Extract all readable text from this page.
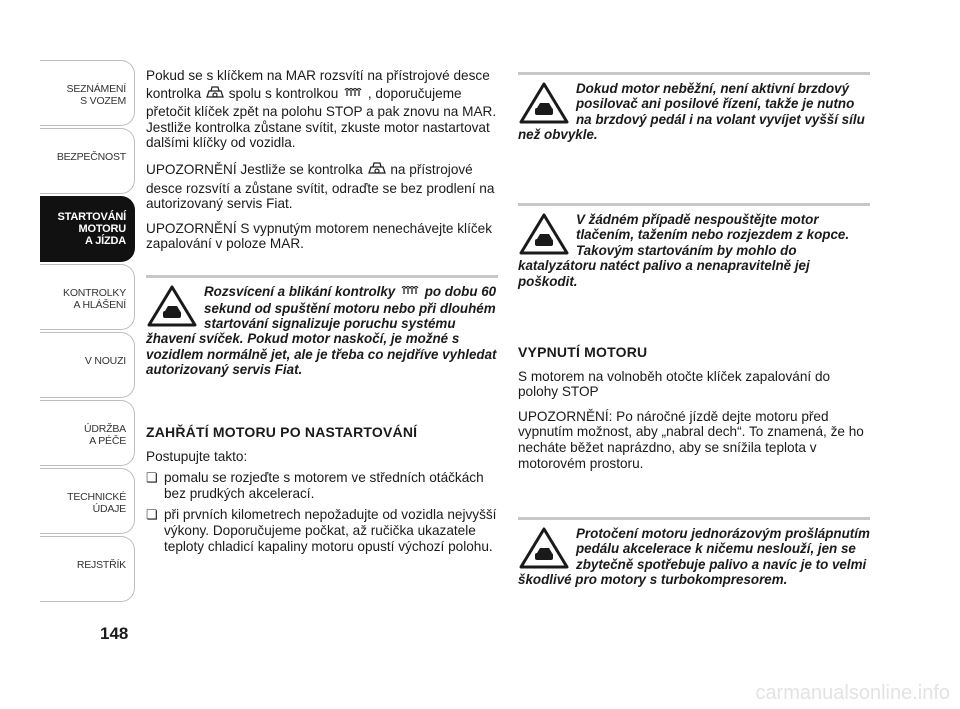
SEZNÁMENÍ
S VOZEM
BEZPEČNOST
STARTOVÁNÍ
MOTORU
A JÍZDA
KONTROLKY
A HLÁŠENÍ
V NOUZI
ÚDRŽBA
A PÉČE
TECHNICKÉ
ÚDAJE
REJSTŘÍK
148

Pokud se s klíčkem na MAR rozsvítí na přístrojové desce kontrolka spolu s kontrolkou , doporučujeme přetočit klíček zpět na polohu STOP a pak znovu na MAR. Jestliže kontrolka zůstane svítit, zkuste motor nastartovat dalšími klíčky od vozidla.

UPOZORNĚNÍ Jestliže se kontrolka na přístrojové desce rozsvítí a zůstane svítit, odraďte se bez prodlení na autorizovaný servis Fiat.

UPOZORNĚNÍ S vypnutým motorem nenechávejte klíček zapalování v poloze MAR.

Rozsvícení a blikání kontrolky po dobu 60 sekund od spuštění motoru nebo při dlouhém startování signalizuje poruchu systému žhavení svíček. Pokud motor naskočí, je možné s vozidlem normálně jet, ale je třeba co nejdříve vyhledat autorizovaný servis Fiat.
ZAHŘÁTÍ MOTORU PO NASTARTOVÁNÍ

Postupujte takto:

❏ pomalu se rozjeďte s motorem ve středních otáčkách bez prudkých akcelerací.
❏ při prvních kilometrech nepožadujte od vozidla nejvyšší výkony. Doporučujeme počkat, až ručička ukazatele teploty chladicí kapaliny motoru opustí výchozí polohu.
Dokud motor neběžní, není aktivní brzdový posilovač ani posilové řízení, takže je nutno na brzdový pedál i na volant vyvíjet vyšší sílu než obvykle.
V žádném případě nespouštějte motor tlačením, tažením nebo rozjezdem z kopce. Takovým startováním by mohlo do katalyzátoru natéct palivo a nenapravitelně jej poškodit.
VYPNUTÍ MOTORU

S motorem na volnoběh otočte klíček zapalování do polohy STOP

UPOZORNĚNÍ: Po náročné jízdě dejte motoru před vypnutím možnost, aby „nabral dech“. To znamená, že ho necháte běžet naprázdno, aby se snížila teplota v motorovém prostoru.

Protočení motoru jednorázovým prošlápnutím pedálu akcelerace k ničemu neslouží, jen se zbytečně spotřebuje palivo a navíc je to velmi škodlivé pro motory s turbokompresorem.
carmanualsonline.info
